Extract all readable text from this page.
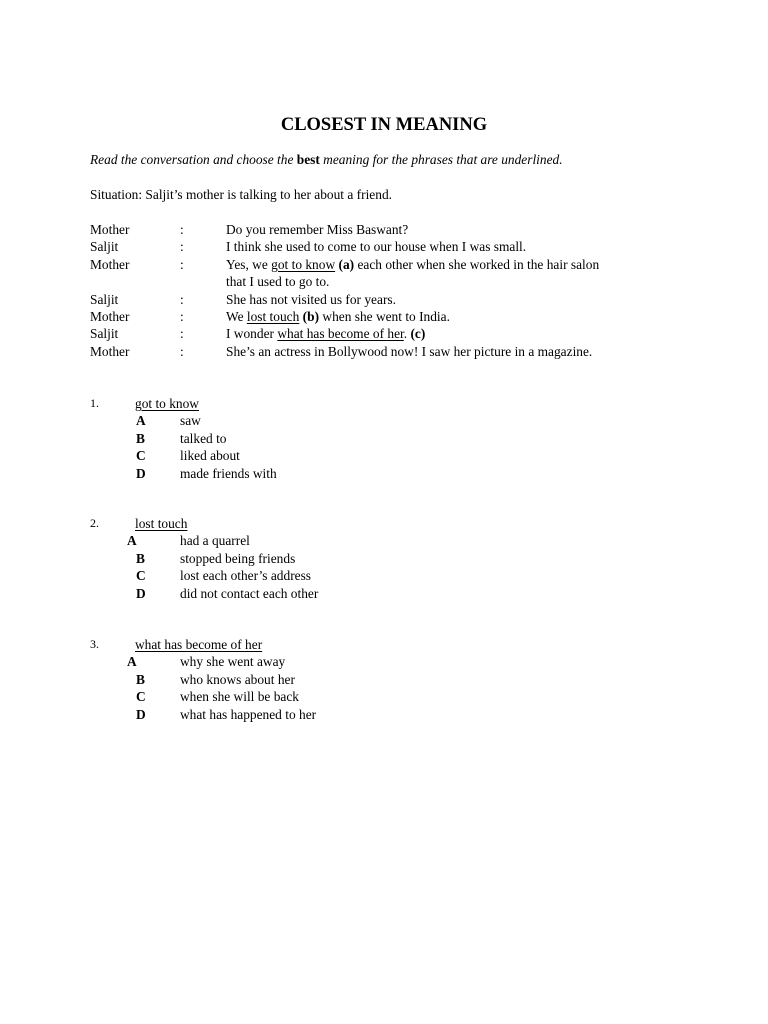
CLOSEST IN MEANING
Read the conversation and choose the best meaning for the phrases that are underlined.
Situation: Saljit’s mother is talking to her about a friend.
Mother	:	Do you remember Miss Baswant?
Saljit	:	I think she used to come to our house when I was small.
Mother	:	Yes, we got to know (a) each other when she worked in the hair salon that I used to go to.
Saljit	:	She has not visited us for years.
Mother	:	We lost touch (b) when she went to India.
Saljit	:	I wonder what has become of her. (c)
Mother	:	She’s an actress in Bollywood now! I saw her picture in a magazine.
1.	got to know
A	saw
B	talked to
C	liked about
D	made friends with
2.	lost touch
A	had a quarrel
B	stopped being friends
C	lost each other’s address
D	did not contact each other
3.	what has become of her
A	why she went away
B	who knows about her
C	when she will be back
D	what has happened to her
